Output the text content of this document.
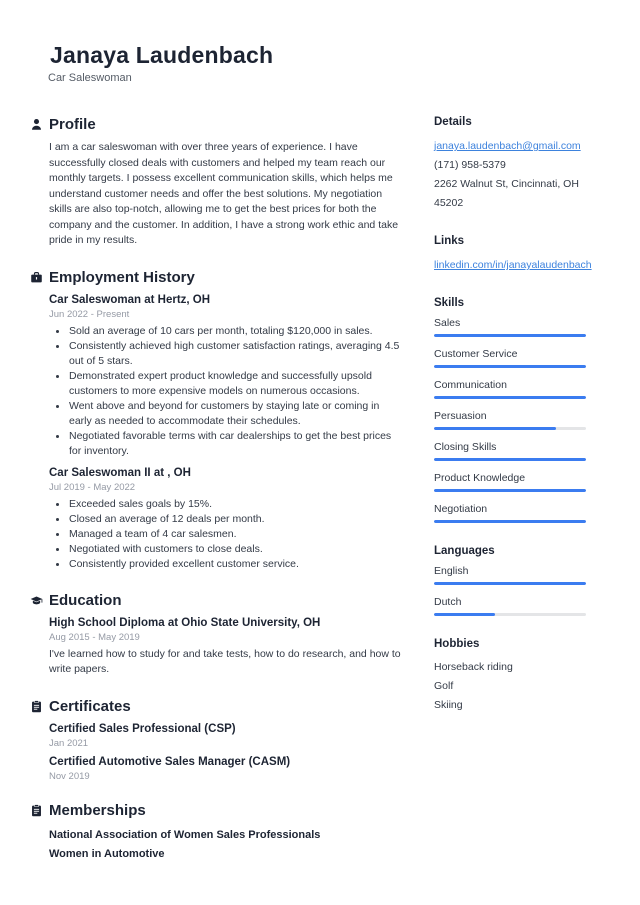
Janaya Laudenbach
Car Saleswoman
Profile

I am a car saleswoman with over three years of experience. I have successfully closed deals with customers and helped my team reach our monthly targets. I possess excellent communication skills, which helps me understand customer needs and offer the best solutions. My negotiation skills are also top-notch, allowing me to get the best prices for both the company and the customer. In addition, I have a strong work ethic and take pride in my results.

Employment History
Car Saleswoman at Hertz, OH
Jun 2022 - Present
• Sold an average of 10 cars per month, totaling $120,000 in sales.
• Consistently achieved high customer satisfaction ratings, averaging 4.5 out of 5 stars.
• Demonstrated expert product knowledge and successfully upsold customers to more expensive models on numerous occasions.
• Went above and beyond for customers by staying late or coming in early as needed to accommodate their schedules.
• Negotiated favorable terms with car dealerships to get the best prices for inventory.
Car Saleswoman II at , OH
Jul 2019 - May 2022
• Exceeded sales goals by 15%.
• Closed an average of 12 deals per month.
• Managed a team of 4 car salesmen.
• Negotiated with customers to close deals.
• Consistently provided excellent customer service.
Education
High School Diploma at Ohio State University, OH
Aug 2015 - May 2019

I've learned how to study for and take tests, how to do research, and how to write papers.

Certificates
Certified Sales Professional (CSP)
Jan 2021
Certified Automotive Sales Manager (CASM)
Nov 2019
Memberships
National Association of Women Sales Professionals
Women in Automotive
Details
janaya.laudenbach@gmail.com
(171) 958-5379
2262 Walnut St, Cincinnati, OH 45202
Links
linkedin.com/in/janayalaudenbach
Skills
Sales
Customer Service
Communication
Persuasion
Closing Skills
Product Knowledge
Negotiation
Languages
English
Dutch
Hobbies
Horseback riding
Golf
Skiing
